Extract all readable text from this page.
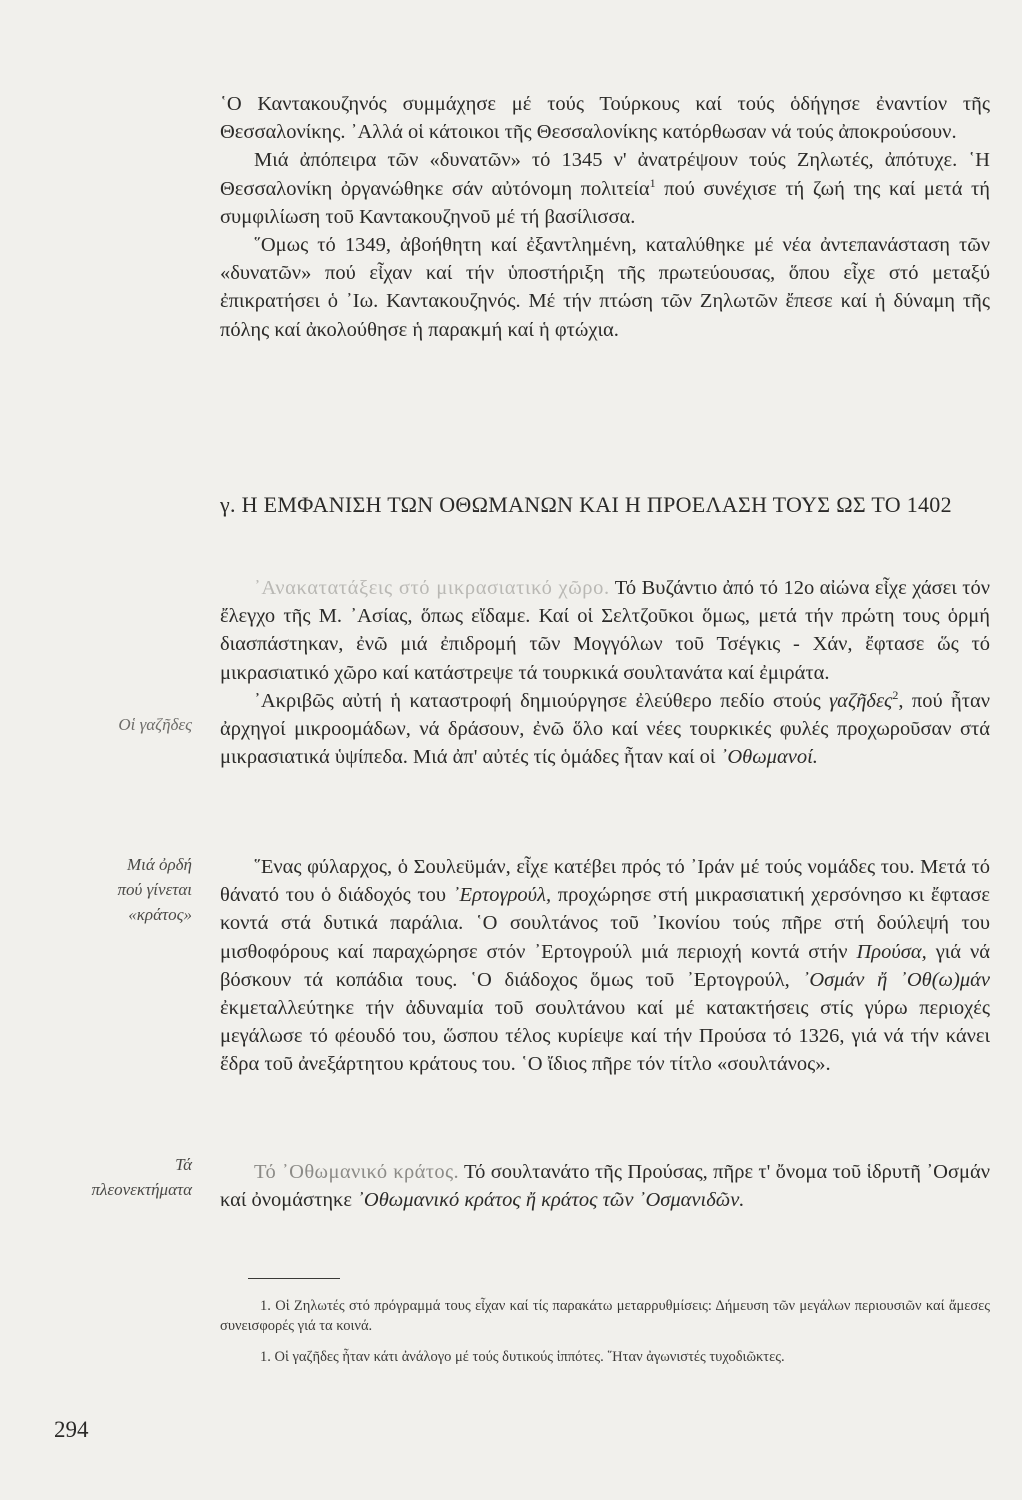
῾Ο Καντακουζηνός συμμάχησε μέ τούς Τούρκους καί τούς ὁδήγησε ἐναντίον τῆς Θεσσαλονίκης. ᾿Αλλά οἱ κάτοικοι τῆς Θεσσαλονίκης κατόρθωσαν νά τούς ἀποκρούσουν.

Μιά ἀπόπειρα τῶν «δυνατῶν» τό 1345 ν' ἀνατρέψουν τούς Ζηλωτές, ἀπότυχε. ῾Η Θεσσαλονίκη ὀργανώθηκε σάν αὐτόνομη πολιτεία$^1$ πού συνέχισε τή ζωή της καί μετά τή συμφιλίωση τοῦ Καντακουζηνοῦ μέ τή βασίλισσα.

῞Ομως τό 1349, ἀβοήθητη καί ἐξαντλημένη, καταλύθηκε μέ νέα ἀντεπανάσταση τῶν «δυνατῶν» πού εἶχαν καί τήν ὑποστήριξη τῆς πρωτεύουσας, ὅπου εἶχε στό μεταξύ ἐπικρατήσει ὁ ᾿Ιω. Καντακουζηνός. Μέ τήν πτώση τῶν Ζηλωτῶν ἔπεσε καί ἡ δύναμη τῆς πόλης καί ἀκολούθησε ἡ παρακμή καί ἡ φτώχια.

γ. Η ΕΜΦΑΝΙΣΗ ΤΩΝ ΟΘΩΜΑΝΩΝ ΚΑΙ Η ΠΡΟΕΛΑΣΗ ΤΟΥΣ ΩΣ ΤΟ 1402

᾿Ανακατατάξεις στό μικρασιατικό χῶρο. Τό Βυζάντιο ἀπό τό 12ο αἰώνα εἶχε χάσει τόν ἔλεγχο τῆς Μ. ᾿Ασίας, ὅπως εἴδαμε. Καί οἱ Σελτζοῦκοι ὅμως, μετά τήν πρώτη τους ὁρμή διασπάστηκαν, ἐνῶ μιά ἐπιδρομή τῶν Μογγόλων τοῦ Τσέγκις - Χάν, ἔφτασε ὥς τό μικρασιατικό χῶρο καί κατάστρεψε τά τουρκικά σουλτανάτα καί ἐμιράτα.

᾿Ακριβῶς αὐτή ἡ καταστροφή δημιούργησε ἐλεύθερο πεδίο στούς γαζῆδες$^2$, πού ἦταν ἀρχηγοί μικροομάδων, νά δράσουν, ἐνῶ ὅλο καί νέες τουρκικές φυλές προχωροῦσαν στά μικρασιατικά ὑψίπεδα. Μιά ἀπ' αὐτές τίς ὁμάδες ἦταν καί οἱ ᾿Οθωμανοί.

῞Ενας φύλαρχος, ὁ Σουλεϋμάν, εἶχε κατέβει πρός τό ᾿Ιράν μέ τούς νομάδες του. Μετά τό θάνατό του ὁ διάδοχός του ᾿Ερτογρούλ, προχώρησε στή μικρασιατική χερσόνησο κι ἔφτασε κοντά στά δυτικά παράλια. ῾Ο σουλτάνος τοῦ ᾿Ικονίου τούς πῆρε στή δούλεψή του μισθοφόρους καί παραχώρησε στόν ᾿Ερτογρούλ μιά περιοχή κοντά στήν Προύσα, γιά νά βόσκουν τά κοπάδια τους. ῾Ο διάδοχος ὅμως τοῦ ᾿Ερτογρούλ, ᾿Οσμάν ἤ ᾿Οθ(ω)μάν ἐκμεταλλεύτηκε τήν ἀδυναμία τοῦ σουλτάνου καί μέ κατακτήσεις στίς γύρω περιοχές μεγάλωσε τό φέουδό του, ὥσπου τέλος κυρίεψε καί τήν Προύσα τό 1326, γιά νά τήν κάνει ἕδρα τοῦ ἀνεξάρτητου κράτους του. ῾Ο ἴδιος πῆρε τόν τίτλο «σουλτάνος».

Τό ᾿Οθωμανικό κράτος. Τό σουλτανάτο τῆς Προύσας, πῆρε τ' ὄνομα τοῦ ἱδρυτῆ ᾿Οσμάν καί ὀνομάστηκε ᾿Οθωμανικό κράτος ἤ κράτος τῶν ᾿Οσμανιδῶν.

Οἱ γαζῆδες
Μιά ὀρδή
πού γίνεται
«κράτος»
Τά
πλεονεκτήματα

1. Οἱ Ζηλωτές στό πρόγραμμά τους εἶχαν καί τίς παρακάτω μεταρρυθμίσεις: Δήμευση τῶν μεγάλων περιουσιῶν καί ἄμεσες συνεισφορές γιά τα κοινά.

1. Οἱ γαζῆδες ἦταν κάτι ἀνάλογο μέ τούς δυτικούς ἱππότες. ῞Ηταν ἀγωνιστές τυχοδιῶκτες.

294
